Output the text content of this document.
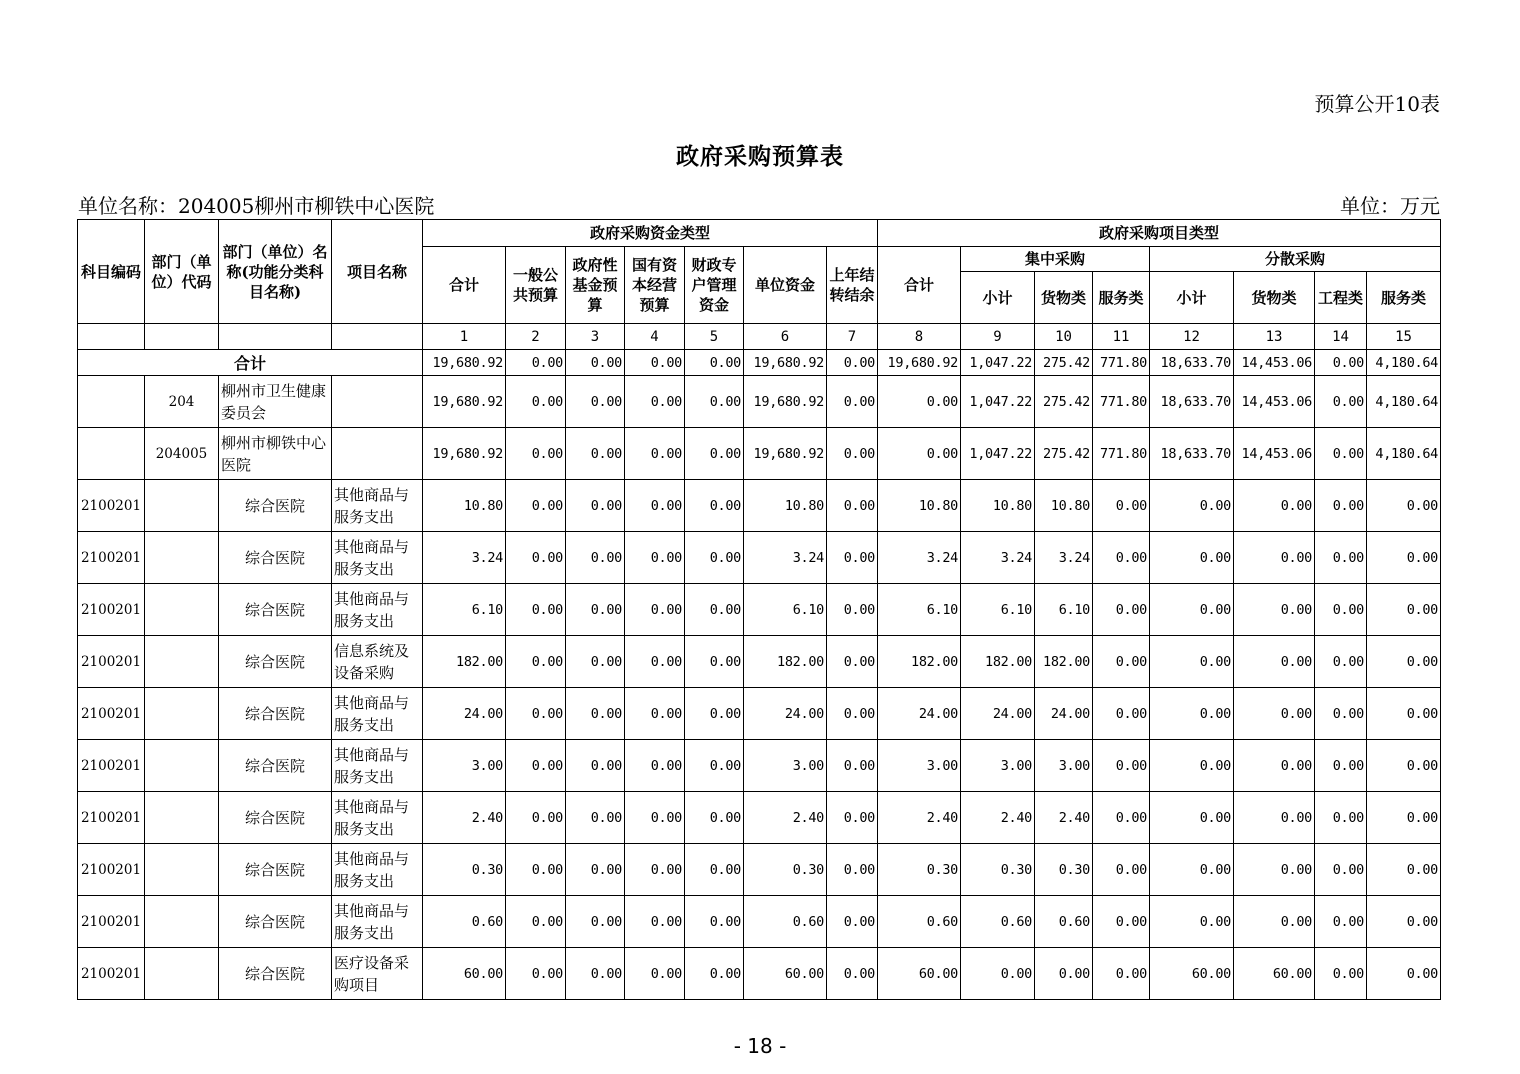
预算公开10表
政府采购预算表
单位名称：204005柳州市柳铁中心医院	单位：万元
科目编码	部门（单位）代码	部门（单位）名称(功能分类科目名称)	项目名称	政府采购资金类型							政府采购项目类型							
				合计	一般公共预算	政府性基金预算	国有资本经营预算	财政专户管理资金	单位资金	上年结转结余	合计	集中采购			分散采购			
												小计	货物类	服务类	小计	货物类	工程类	服务类
				1	2	3	4	5	6	7	8	9	10	11	12	13	14	15
合计				19,680.92	0.00	0.00	0.00	0.00	19,680.92	0.00	19,680.92	1,047.22	275.42	771.80	18,633.70	14,453.06	0.00	4,180.64
	204	柳州市卫生健康委员会		19,680.92	0.00	0.00	0.00	0.00	19,680.92	0.00	0.00	1,047.22	275.42	771.80	18,633.70	14,453.06	0.00	4,180.64
	204005	柳州市柳铁中心医院		19,680.92	0.00	0.00	0.00	0.00	19,680.92	0.00	0.00	1,047.22	275.42	771.80	18,633.70	14,453.06	0.00	4,180.64
2100201		综合医院	其他商品与服务支出	10.80	0.00	0.00	0.00	0.00	10.80	0.00	10.80	10.80	10.80	0.00	0.00	0.00	0.00	0.00
2100201		综合医院	其他商品与服务支出	3.24	0.00	0.00	0.00	0.00	3.24	0.00	3.24	3.24	3.24	0.00	0.00	0.00	0.00	0.00
2100201		综合医院	其他商品与服务支出	6.10	0.00	0.00	0.00	0.00	6.10	0.00	6.10	6.10	6.10	0.00	0.00	0.00	0.00	0.00
2100201		综合医院	信息系统及设备采购	182.00	0.00	0.00	0.00	0.00	182.00	0.00	182.00	182.00	182.00	0.00	0.00	0.00	0.00	0.00
2100201		综合医院	其他商品与服务支出	24.00	0.00	0.00	0.00	0.00	24.00	0.00	24.00	24.00	24.00	0.00	0.00	0.00	0.00	0.00
2100201		综合医院	其他商品与服务支出	3.00	0.00	0.00	0.00	0.00	3.00	0.00	3.00	3.00	3.00	0.00	0.00	0.00	0.00	0.00
2100201		综合医院	其他商品与服务支出	2.40	0.00	0.00	0.00	0.00	2.40	0.00	2.40	2.40	2.40	0.00	0.00	0.00	0.00	0.00
2100201		综合医院	其他商品与服务支出	0.30	0.00	0.00	0.00	0.00	0.30	0.00	0.30	0.30	0.30	0.00	0.00	0.00	0.00	0.00
2100201		综合医院	其他商品与服务支出	0.60	0.00	0.00	0.00	0.00	0.60	0.00	0.60	0.60	0.60	0.00	0.00	0.00	0.00	0.00
2100201		综合医院	医疗设备采购项目	60.00	0.00	0.00	0.00	0.00	60.00	0.00	60.00	0.00	0.00	0.00	60.00	60.00	0.00	0.00
- 18 -
